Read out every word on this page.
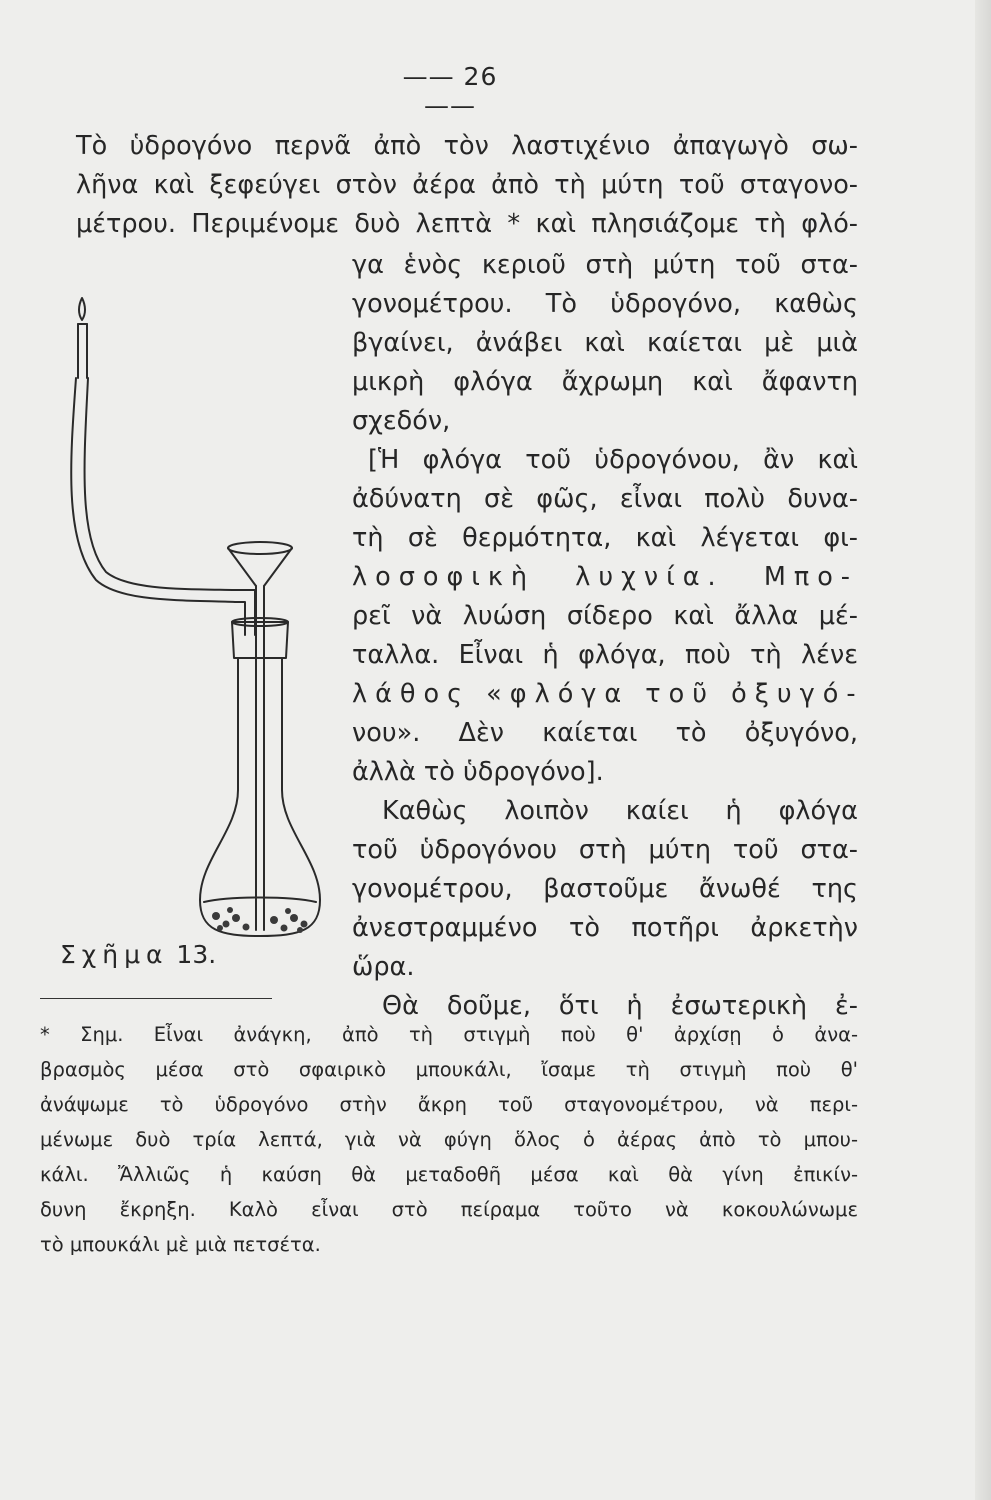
—— 26 ——
Τὸ ὑδρογόνο περνᾶ ἀπὸ τὸν λαστιχένιο ἀπαγωγὸ σω-
λῆνα καὶ ξεφεύγει στὸν ἀέρα ἀπὸ τὴ μύτη τοῦ σταγονο-
μέτρου. Περιμένομε δυὸ λεπτὰ * καὶ πλησιάζομε τὴ φλό-
γα ἑνὸς κεριοῦ στὴ μύτη τοῦ στα-
γονομέτρου. Τὸ ὑδρογόνο, καθὼς
βγαίνει, ἀνάβει καὶ καίεται μὲ μιὰ
μικρὴ φλόγα ἄχρωμη καὶ ἄφαντη
σχεδόν,
[Ἡ φλόγα τοῦ ὑδρογόνου, ἂν καὶ
ἀδύνατη σὲ φῶς, εἶναι πολὺ δυνα-
τὴ σὲ θερμότητα, καὶ λέγεται φι-
λοσοφικὴ λυχνία. Μπο-
ρεῖ νὰ λυώση σίδερο καὶ ἄλλα μέ-
ταλλα. Εἶναι ἡ φλόγα, ποὺ τὴ λένε
λάθος «φλόγα τοῦ ὀξυγό-
νου». Δὲν καίεται τὸ ὀξυγόνο,
ἀλλὰ τὸ ὑδρογόνο].
Καθὼς λοιπὸν καίει ἡ φλόγα
τοῦ ὑδρογόνου στὴ μύτη τοῦ στα-
γονομέτρου, βαστοῦμε ἄνωθέ της
ἀνεστραμμένο τὸ ποτῆρι ἀρκετὴν
ὥρα.
Θὰ δοῦμε, ὅτι ἡ ἐσωτερικὴ ἐ-
Σχῆμα 13.
* Σημ. Εἶναι ἀνάγκη, ἀπὸ τὴ στιγμὴ ποὺ θ' ἀρχίσῃ ὁ ἀνα-
βρασμὸς μέσα στὸ σφαιρικὸ μπουκάλι, ἴσαμε τὴ στιγμὴ ποὺ θ'
ἀνάψωμε τὸ ὑδρογόνο στὴν ἄκρη τοῦ σταγονομέτρου, νὰ περι-
μένωμε δυὸ τρία λεπτά, γιὰ νὰ φύγη ὅλος ὁ ἀέρας ἀπὸ τὸ μπου-
κάλι. Ἄλλιῶς ἡ καύση θὰ μεταδοθῆ μέσα καὶ θὰ γίνη ἐπικίν-
δυνη ἔκρηξη. Καλὸ εἶναι στὸ πείραμα τοῦτο νὰ κοκουλώνωμε
τὸ μπουκάλι μὲ μιὰ πετσέτα.
